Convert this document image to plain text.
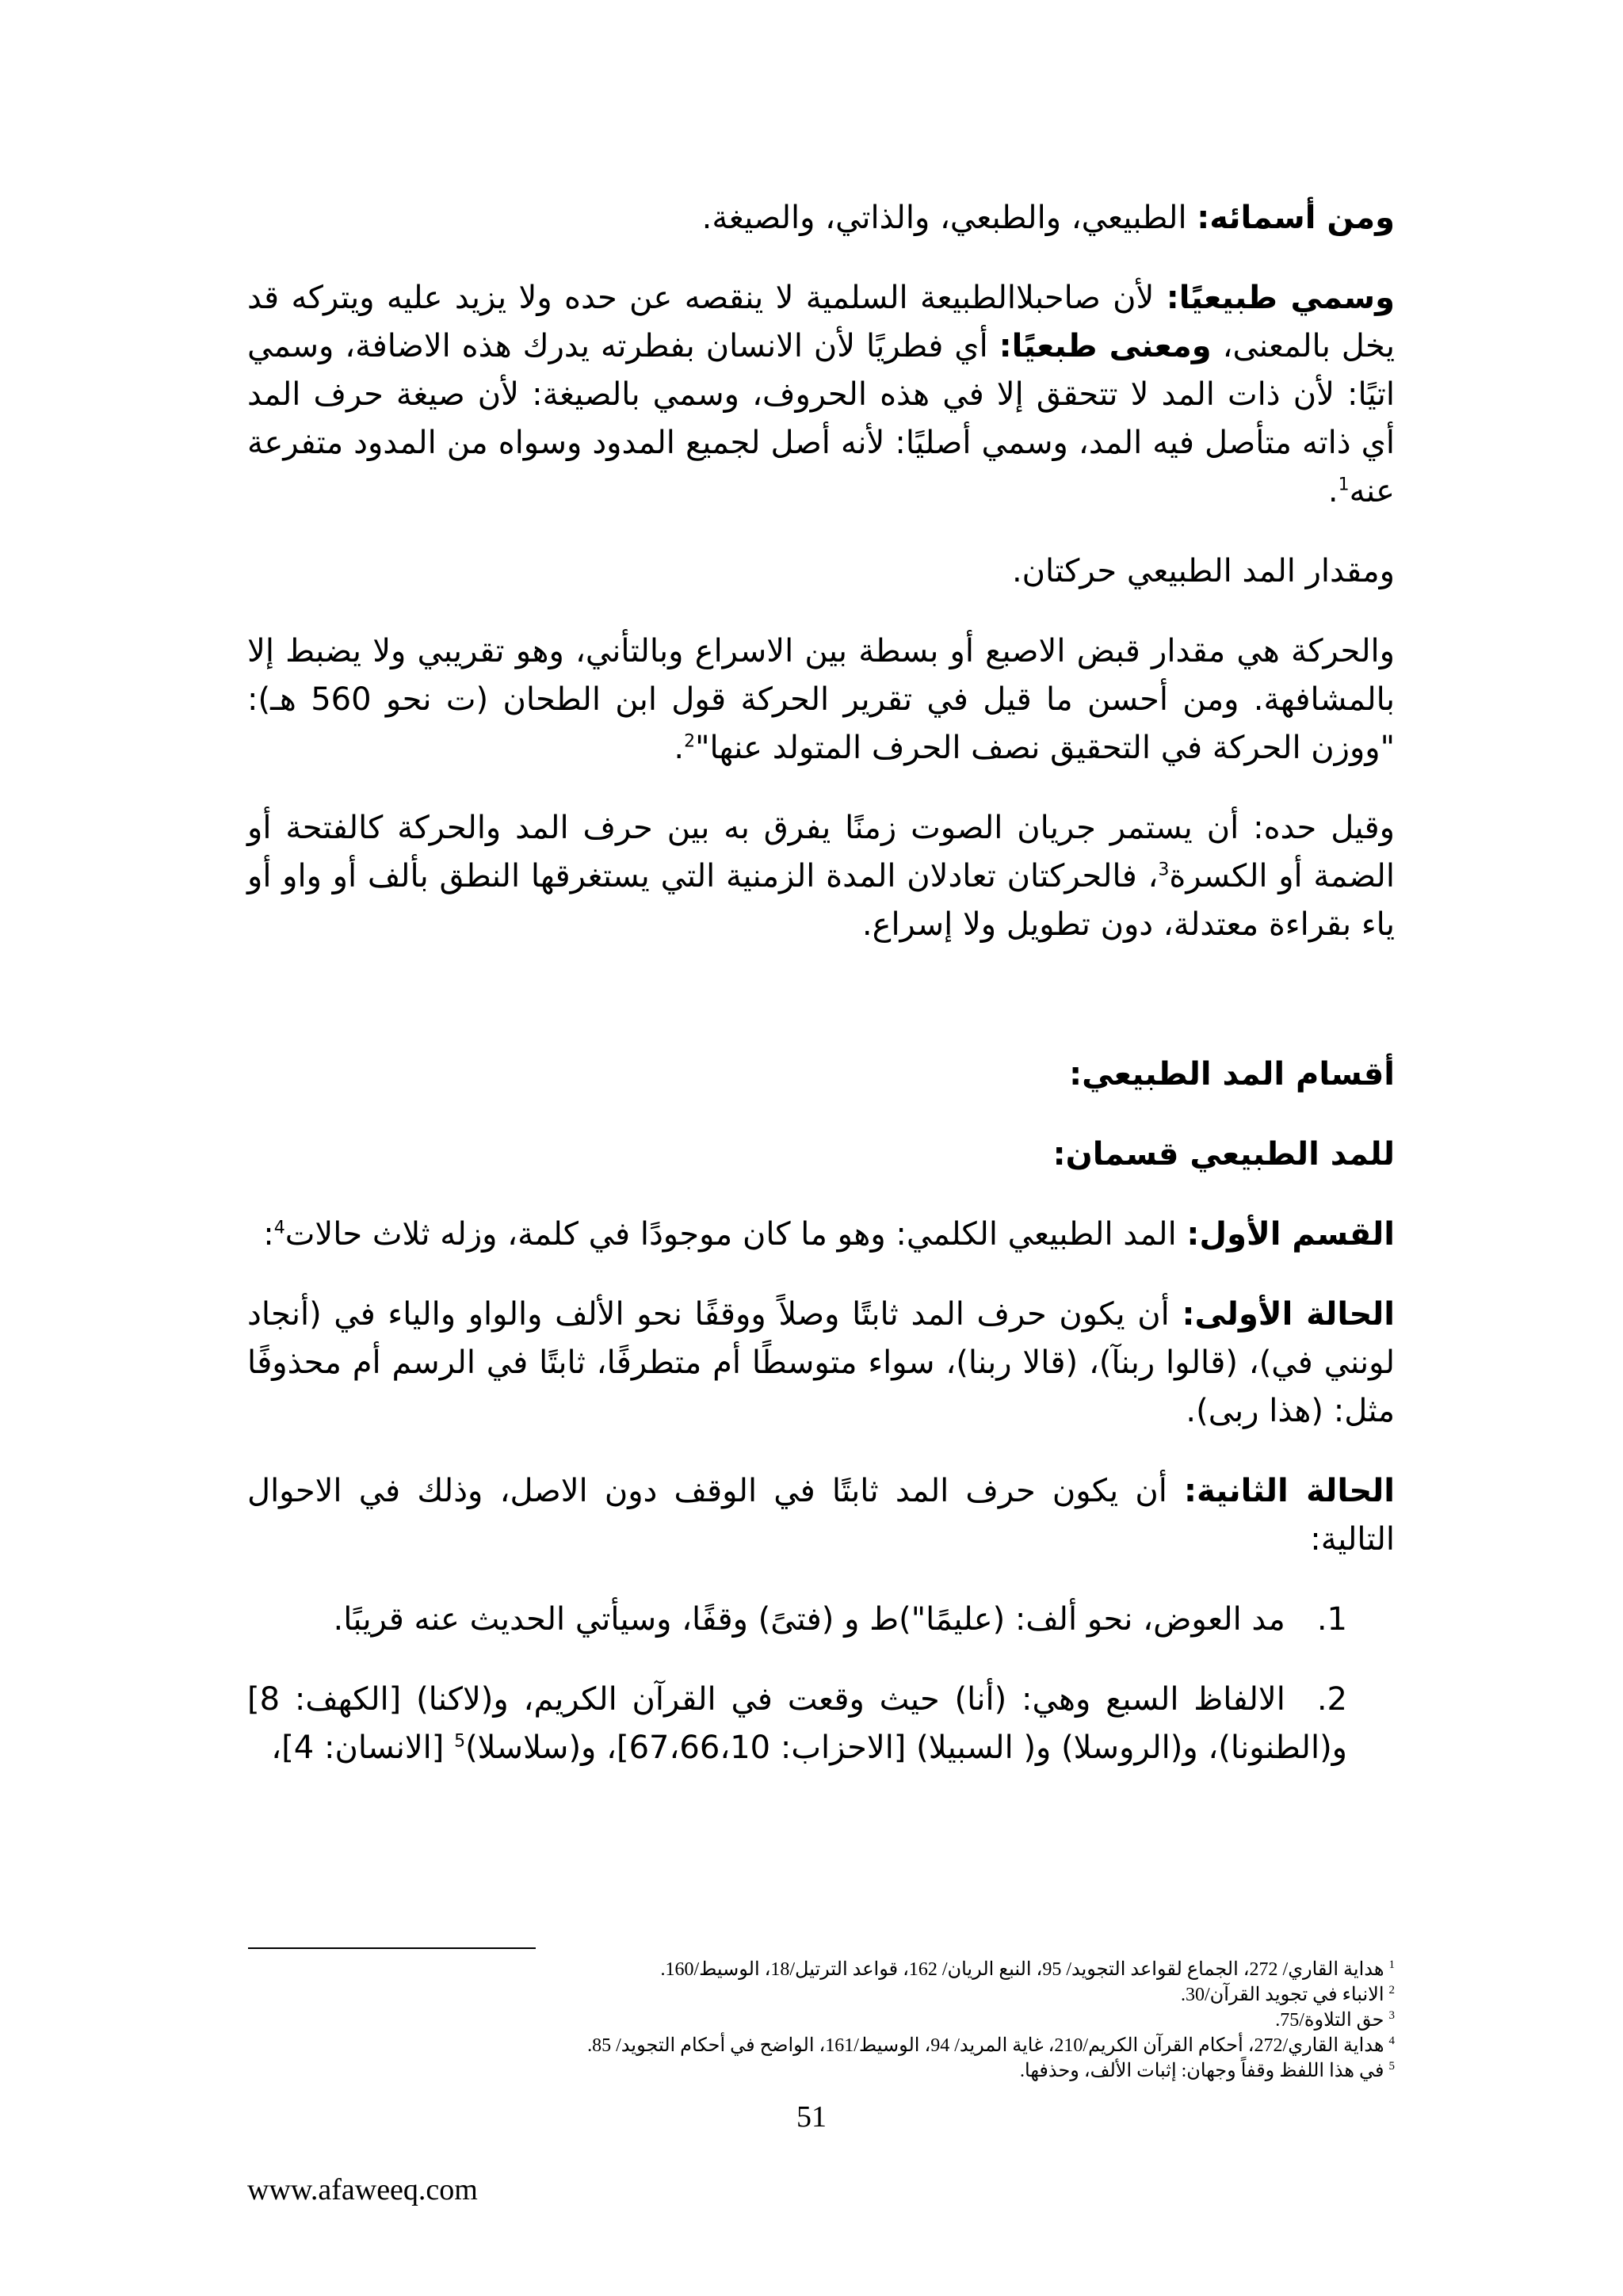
ومن أسمائه: الطبيعي، والطبعي، والذاتي، والصيغة.

وسمي طبيعيًا: لأن صاحبلاالطبيعة السلمية لا ينقصه عن حده ولا يزيد عليه ويتركه قد يخل بالمعنى، ومعنى طبعيًا: أي فطريًا لأن الانسان بفطرته يدرك هذه الاضافة، وسمي اتيًا: لأن ذات المد لا تتحقق إلا في هذه الحروف، وسمي بالصيغة: لأن صيغة حرف المد أي ذاته متأصل فيه المد، وسمي أصليًا: لأنه أصل لجميع المدود وسواه من المدود متفرعة عنه$^1$.

ومقدار المد الطبيعي حركتان.

والحركة هي مقدار قبض الاصبع أو بسطة بين الاسراع وبالتأني، وهو تقريبي ولا يضبط إلا بالمشافهة. ومن أحسن ما قيل في تقرير الحركة قول ابن الطحان (ت نحو 560 هـ): "ووزن الحركة في التحقيق نصف الحرف المتولد عنها"$^2$.

وقيل حده: أن يستمر جريان الصوت زمنًا يفرق به بين حرف المد والحركة كالفتحة أو الضمة أو الكسرة$^3$، فالحركتان تعادلان المدة الزمنية التي يستغرقها النطق بألف أو واو أو ياء بقراءة معتدلة، دون تطويل ولا إسراع.

أقسام المد الطبيعي:

للمد الطبيعي قسمان:

القسم الأول: المد الطبيعي الكلمي: وهو ما كان موجودًا في كلمة، وزله ثلاث حالات$^4$:

الحالة الأولى: أن يكون حرف المد ثابتًا وصلاً ووقفًا نحو الألف والواو والياء في (أنجاد لونني في)، (قالوا ربنآ)، (قالا ربنا)، سواء متوسطًا أم متطرفًا، ثابتًا في الرسم أم محذوفًا مثل: (هذا ربى).

الحالة الثانية: أن يكون حرف المد ثابتًا في الوقف دون الاصل، وذلك في الاحوال التالية:

1.مد العوض، نحو ألف: (عليمًا")ط و (فتىً) وقفًا، وسيأتي الحديث عنه قريبًا.

2.الالفاظ السبع وهي: (أنا) حيث وقعت في القرآن الكريم، و(لاكنا) [الكهف: 8] و(الطنونا)، و(الروسلا) و( السبيلا) [الاحزاب: 67،66،10]، و(سلاسلا)$^5$ [الانسان: 4]،

$^1$ هداية القاري/ 272، الجماع لقواعد التجويد/ 95، النبع الريان/ 162، قواعد الترتيل/18، الوسيط/160.

$^2$ الانباء في تجويد القرآن/30.

$^3$ حق التلاوة/75.

$^4$ هداية القاري/272، أحكام القرآن الكريم/210، غاية المريد/ 94، الوسيط/161، الواضح في أحكام التجويد/ 85.

$^5$ في هذا اللفظ وقفاً وجهان: إثبات الألف، وحذفها.

51
www.afaweeq.com
